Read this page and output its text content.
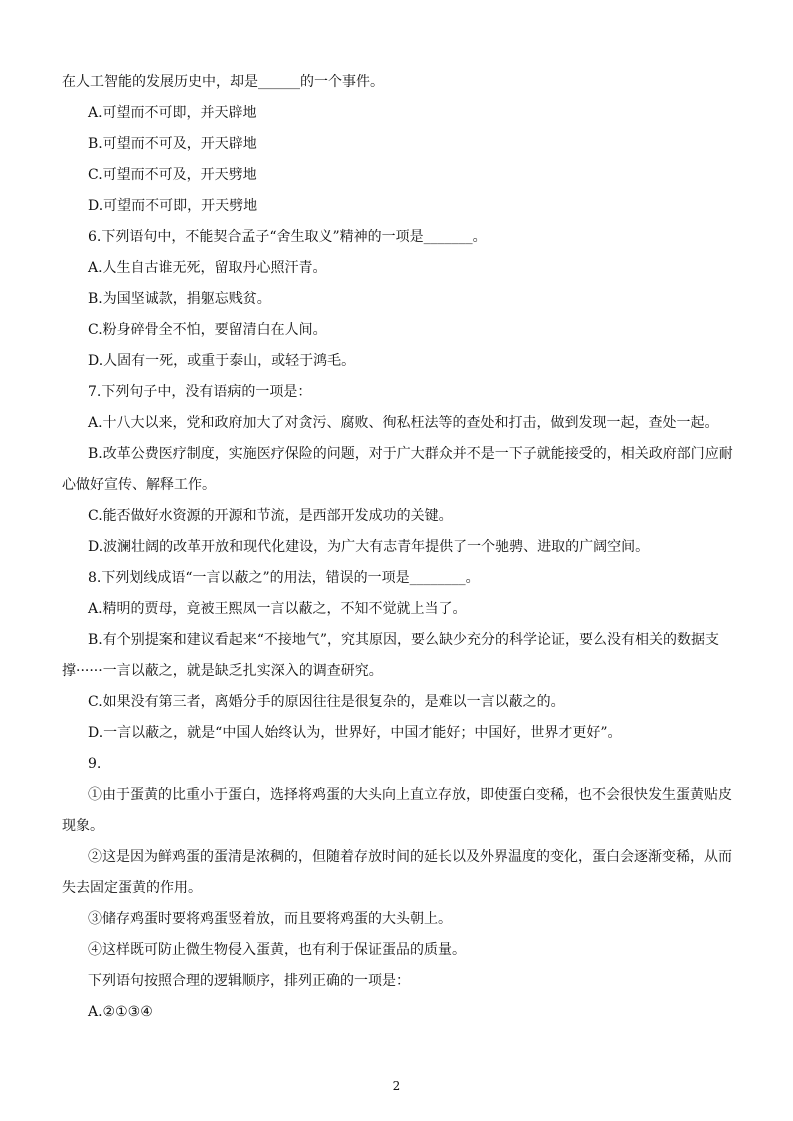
在人工智能的发展历史中，却是______的一个事件。
A.可望而不可即，并天辟地
B.可望而不可及，开天辟地
C.可望而不可及，开天劈地
D.可望而不可即，开天劈地
6.下列语句中，不能契合孟子“舍生取义”精神的一项是_______。
A.人生自古谁无死，留取丹心照汗青。
B.为国坚诚款，捐躯忘贱贫。
C.粉身碎骨全不怕，要留清白在人间。
D.人固有一死，或重于泰山，或轻于鸿毛。
7.下列句子中，没有语病的一项是：
A.十八大以来，党和政府加大了对贪污、腐败、徇私枉法等的查处和打击，做到发现一起，查处一起。
B.改革公费医疗制度，实施医疗保险的问题，对于广大群众并不是一下子就能接受的，相关政府部门应耐
心做好宣传、解释工作。
C.能否做好水资源的开源和节流，是西部开发成功的关键。
D.波澜壮阔的改革开放和现代化建设，为广大有志青年提供了一个驰骋、进取的广阔空间。
8.下列划线成语“一言以蔽之”的用法，错误的一项是________。
A.精明的贾母，竟被王熙凤一言以蔽之，不知不觉就上当了。
B.有个别提案和建议看起来“不接地气”，究其原因，要么缺少充分的科学论证，要么没有相关的数据支
撑······一言以蔽之，就是缺乏扎实深入的调查研究。
C.如果没有第三者，离婚分手的原因往往是很复杂的，是难以一言以蔽之的。
D.一言以蔽之，就是“中国人始终认为，世界好，中国才能好；中国好，世界才更好”。
9.
①由于蛋黄的比重小于蛋白，选择将鸡蛋的大头向上直立存放，即使蛋白变稀，也不会很快发生蛋黄贴皮
现象。
②这是因为鲜鸡蛋的蛋清是浓稠的，但随着存放时间的延长以及外界温度的变化，蛋白会逐渐变稀，从而
失去固定蛋黄的作用。
③储存鸡蛋时要将鸡蛋竖着放，而且要将鸡蛋的大头朝上。
④这样既可防止微生物侵入蛋黄，也有利于保证蛋品的质量。
下列语句按照合理的逻辑顺序，排列正确的一项是：
A.②①③④
2
